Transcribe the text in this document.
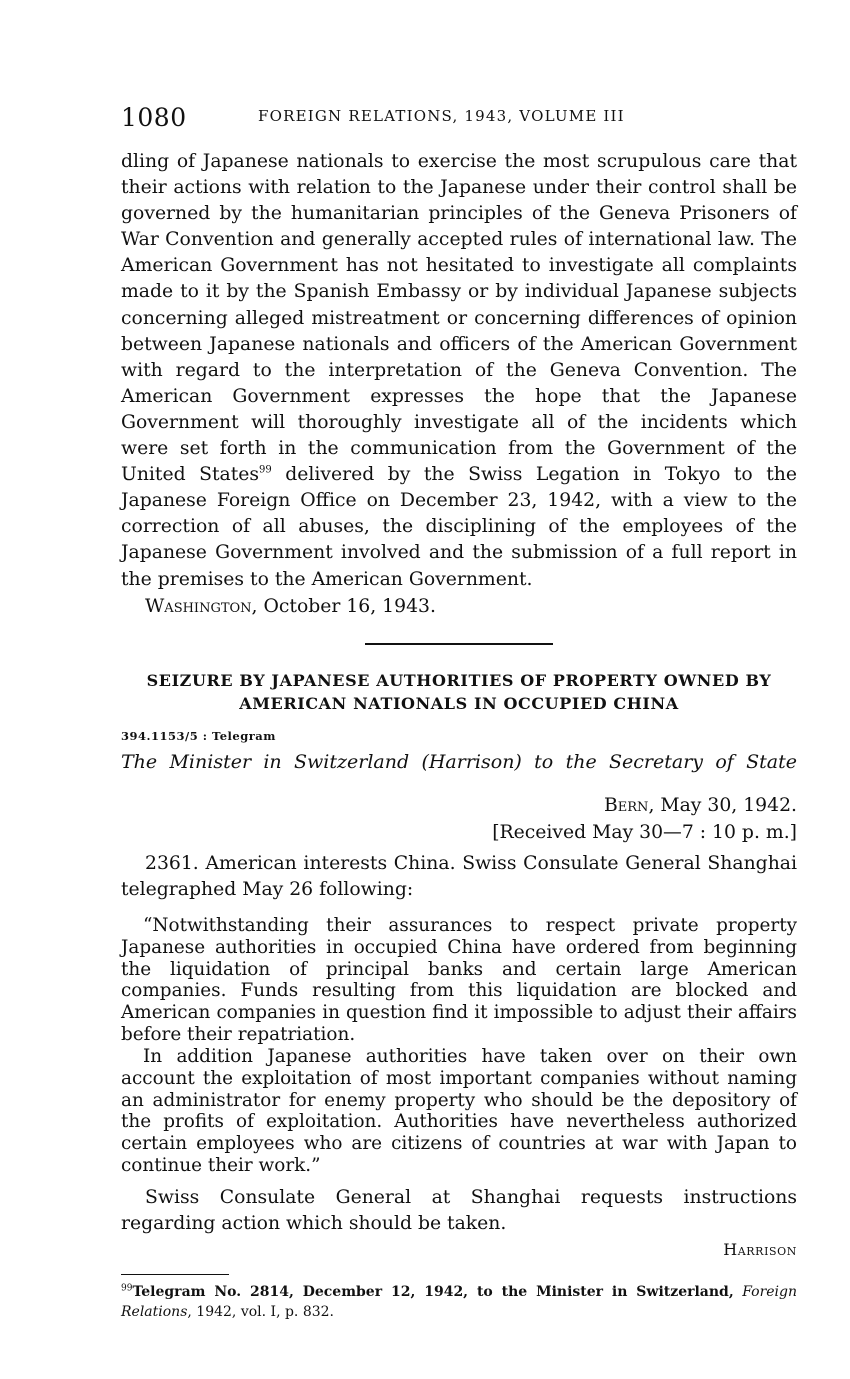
1080	FOREIGN RELATIONS, 1943, VOLUME III

dling of Japanese nationals to exercise the most scrupulous care that their actions with relation to the Japanese under their control shall be governed by the humanitarian principles of the Geneva Prisoners of War Convention and generally accepted rules of international law. The American Government has not hesitated to investigate all complaints made to it by the Spanish Embassy or by individual Japanese subjects concerning alleged mistreatment or concerning differences of opinion between Japanese nationals and officers of the American Government with regard to the interpretation of the Geneva Convention. The American Government expresses the hope that the Japanese Government will thoroughly investigate all of the incidents which were set forth in the communication from the Government of the United States$^{99}$ delivered by the Swiss Legation in Tokyo to the Japanese Foreign Office on December 23, 1942, with a view to the correction of all abuses, the disciplining of the employees of the Japanese Government involved and the submission of a full report in the premises to the American Government.

Washington, October 16, 1943.
SEIZURE BY JAPANESE AUTHORITIES OF PROPERTY OWNED BY AMERICAN NATIONALS IN OCCUPIED CHINA
394.1153/5 : Telegram
The Minister in Switzerland (Harrison) to the Secretary of State
Bern, May 30, 1942.
[Received May 30—7 : 10 p. m.]

2361. American interests China. Swiss Consulate General Shanghai telegraphed May 26 following:

“Notwithstanding their assurances to respect private property Japanese authorities in occupied China have ordered from beginning the liquidation of principal banks and certain large American companies. Funds resulting from this liquidation are blocked and American companies in question find it impossible to adjust their affairs before their repatriation.

In addition Japanese authorities have taken over on their own account the exploitation of most important companies without naming an administrator for enemy property who should be the depository of the profits of exploitation. Authorities have nevertheless authorized certain employees who are citizens of countries at war with Japan to continue their work.”

Swiss Consulate General at Shanghai requests instructions regarding action which should be taken.

Harrison

$^{99}$Telegram No. 2814, December 12, 1942, to the Minister in Switzerland, Foreign Relations, 1942, vol. I, p. 832.
